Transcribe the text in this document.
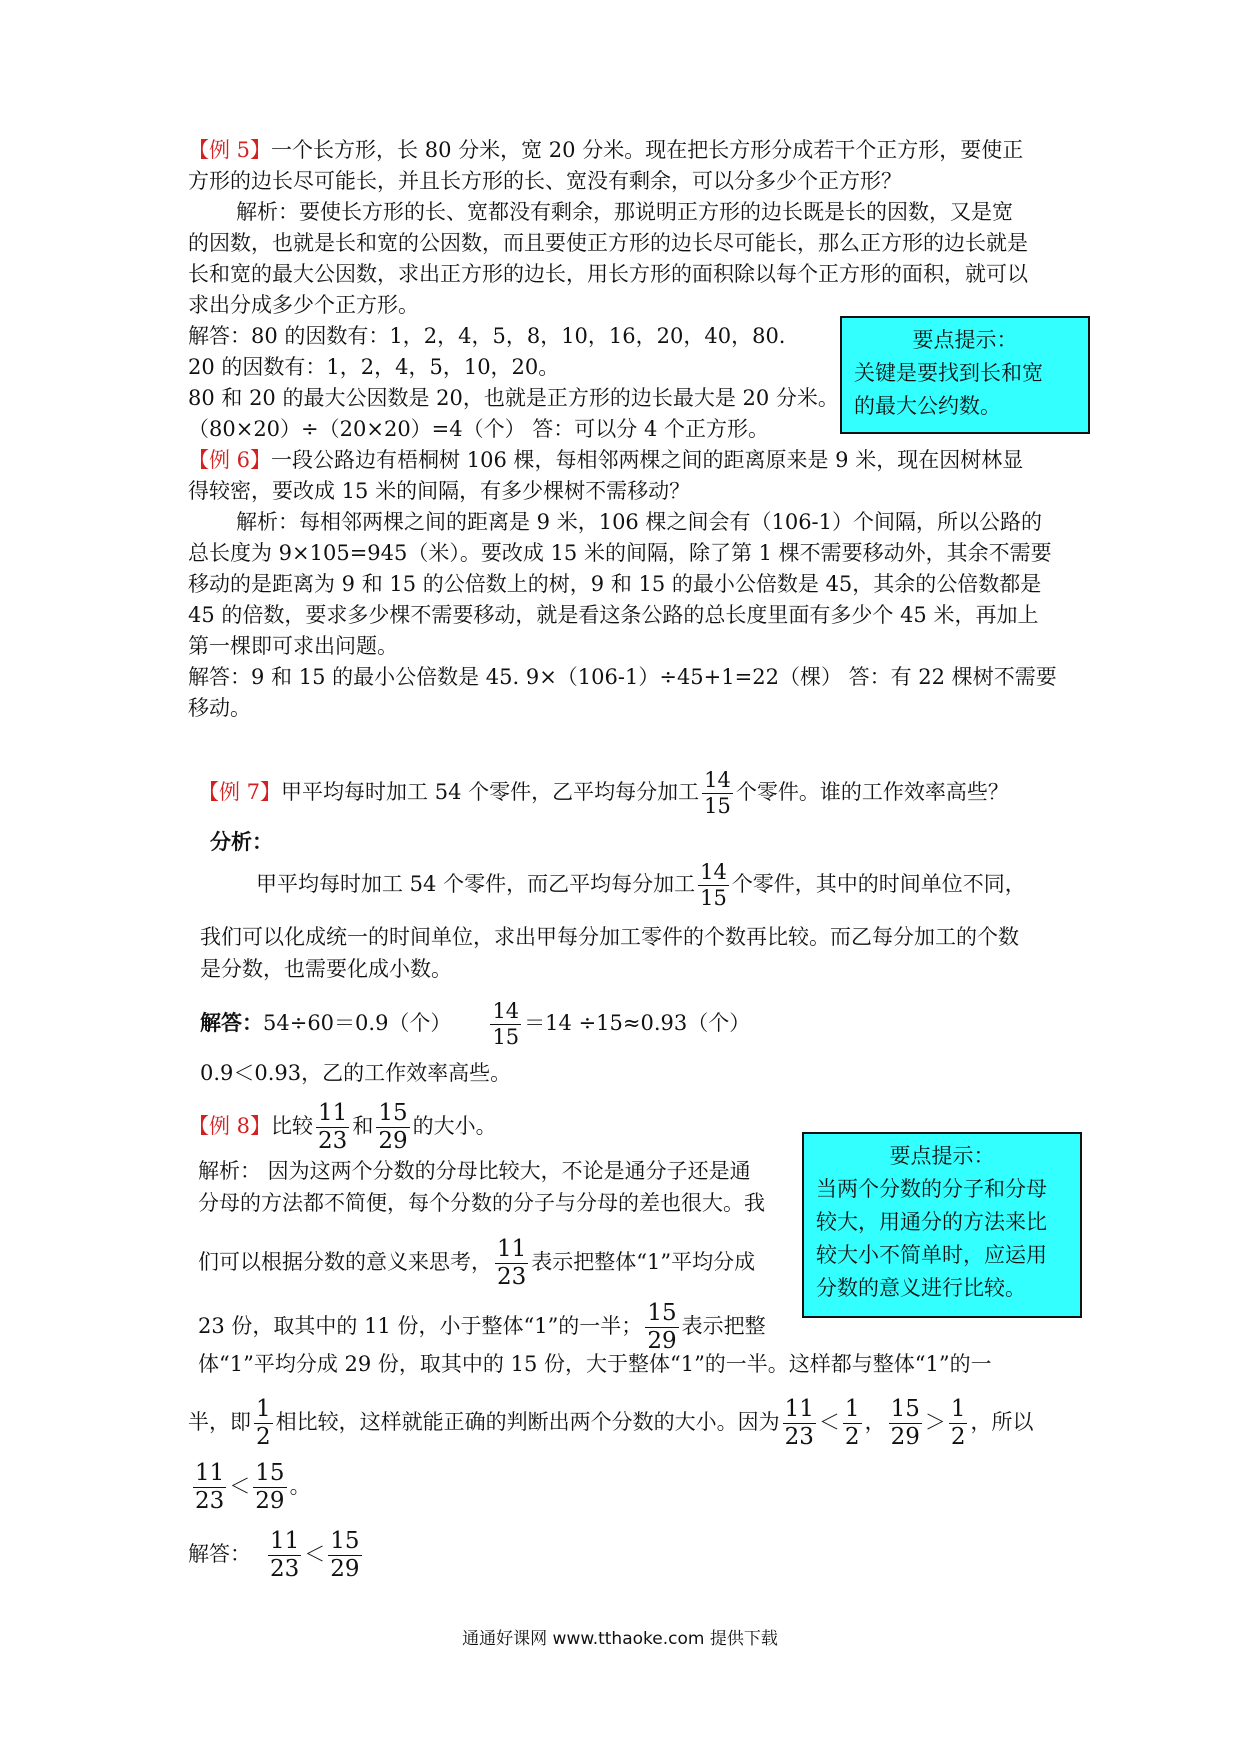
【例 5】一个长方形，长 80 分米，宽 20 分米。现在把长方形分成若干个正方形，要使正
方形的边长尽可能长，并且长方形的长、宽没有剩余，可以分多少个正方形？
解析：要使长方形的长、宽都没有剩余，那说明正方形的边长既是长的因数，又是宽
的因数，也就是长和宽的公因数，而且要使正方形的边长尽可能长，那么正方形的边长就是
长和宽的最大公因数，求出正方形的边长，用长方形的面积除以每个正方形的面积，就可以
求出分成多少个正方形。
解答：80 的因数有：1，2，4，5，8，10，16，20，40，80.
20 的因数有：1，2，4，5，10，20。
80 和 20 的最大公因数是 20，也就是正方形的边长最大是 20 分米。
（80×20）÷（20×20）=4（个） 答：可以分 4 个正方形。
要点提示：
关键是要找到长和宽
的最大公约数。
【例 6】一段公路边有梧桐树 106 棵，每相邻两棵之间的距离原来是 9 米，现在因树林显
得较密，要改成 15 米的间隔，有多少棵树不需移动？
解析：每相邻两棵之间的距离是 9 米，106 棵之间会有（106-1）个间隔，所以公路的
总长度为 9×105=945（米）。要改成 15 米的间隔，除了第 1 棵不需要移动外，其余不需要
移动的是距离为 9 和 15 的公倍数上的树，9 和 15 的最小公倍数是 45，其余的公倍数都是
45 的倍数，要求多少棵不需要移动，就是看这条公路的总长度里面有多少个 45 米，再加上
第一棵即可求出问题。
解答：9 和 15 的最小公倍数是 45. 9×（106-1）÷45+1=22（棵） 答：有 22 棵树不需要
移动。
【例 7】甲平均每时加工 54 个零件，乙平均每分加工 $\frac{14}{15}$ 个零件。谁的工作效率高些？
分析：
甲平均每时加工 54 个零件，而乙平均每分加工 $\frac{14}{15}$ 个零件，其中的时间单位不同，
我们可以化成统一的时间单位，求出甲每分加工零件的个数再比较。而乙每分加工的个数
是分数，也需要化成小数。
解答：54÷60＝0.9（个） $\frac{14}{15} =14 \div 15\approx 0.93$（个）
0.9＜0.93，乙的工作效率高些。
【例 8】比较 $\frac{11}{23}$ 和 $\frac{15}{29}$ 的大小。
解析： 因为这两个分数的分母比较大，不论是通分子还是通
分母的方法都不简便，每个分数的分子与分母的差也很大。我
们可以根据分数的意义来思考， $\frac{11}{23}$ 表示把整体“1”平均分成
23 份，取其中的 11 份，小于整体“1”的一半； $\frac{15}{29}$ 表示把整
体“1”平均分成 29 份，取其中的 15 份，大于整体“1”的一半。这样都与整体“1”的一
半，即 $\frac{1}{2}$ 相比较，这样就能正确的判断出两个分数的大小。因为 $\frac{11}{23} < \frac{1}{2}$ ， $\frac{15}{29} > \frac{1}{2}$ ，所以
$\frac{11}{23} < \frac{15}{29}$ 。
解答： $\frac{11}{23} < \frac{15}{29}$
要点提示：
当两个分数的分子和分母
较大，用通分的方法来比
较大小不简单时，应运用
分数的意义进行比较。
通通好课网 www.tthaoke.com 提供下载
